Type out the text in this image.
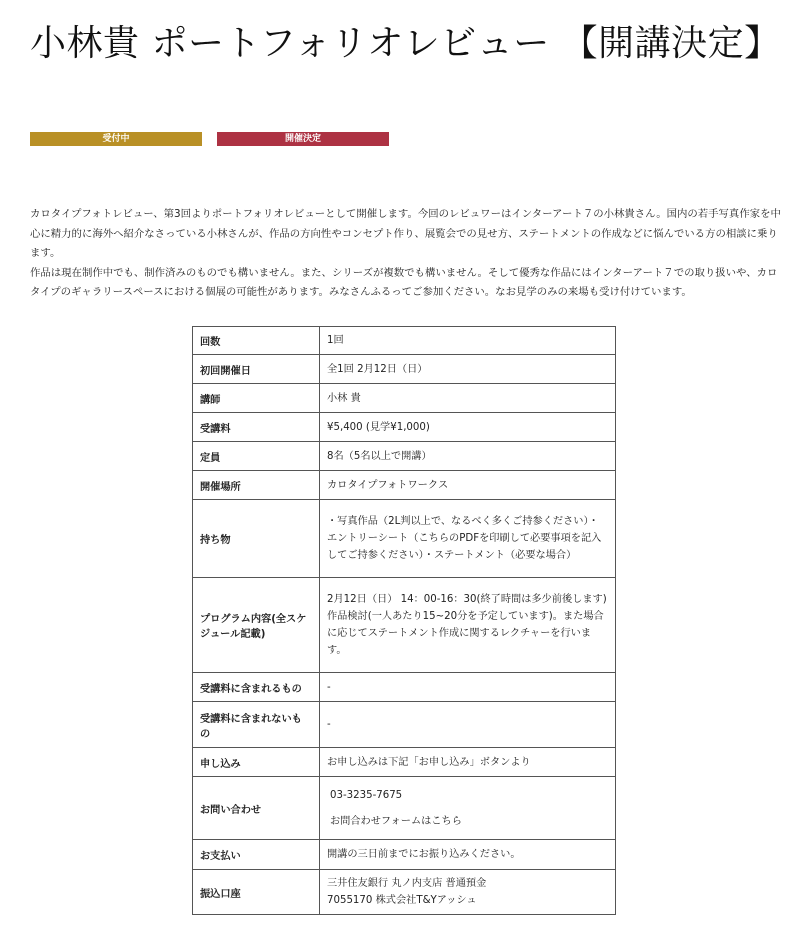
小林貴 ポートフォリオレビュー 【開講決定】
受付中	開催決定

カロタイプフォトレビュー、第3回よりポートフォリオレビューとして開催します。今回のレビュワーはインターアート７の小林貴さん。国内の若手写真作家を中心に精力的に海外へ紹介なさっている小林さんが、作品の方向性やコンセプト作り、展覧会での見せ方、ステートメントの作成などに悩んでいる方の相談に乗ります。

作品は現在制作中でも、制作済みのものでも構いません。また、シリーズが複数でも構いません。そして優秀な作品にはインターアート７での取り扱いや、カロタイプのギャラリースペースにおける個展の可能性があります。みなさんふるってご参加ください。なお見学のみの来場も受け付けています。

回数	1回

初回開催日	全1回 2月12日（日）

講師	小林 貴

受講料	¥5,400 (見学¥1,000)

定員	8名（5名以上で開講）

開催場所	カロタイプフォトワークス

持ち物	・写真作品（2L判以上で、なるべく多くご持参ください）・エントリーシート（こちらのPDFを印刷して必要事項を記入してご持参ください）・ステートメント（必要な場合）

プログラム内容(全スケジュール記載)	2月12日（日） 14：00-16：30(終了時間は多少前後します)
作品検討(一人あたり15~20分を予定しています)。また場合に応じてステートメント作成に関するレクチャーを行います。

受講料に含まれるもの	-

受講料に含まれないもの	-

申し込み	お申し込みは下記「お申し込み」ボタンより

お問い合わせ	03-3235-7675
お問合わせフォームはこちら

お支払い	開講の三日前までにお振り込みください。

振込口座	三井住友銀行 丸ノ内支店 普通預金
7055170 株式会社T&Yアッシュ
